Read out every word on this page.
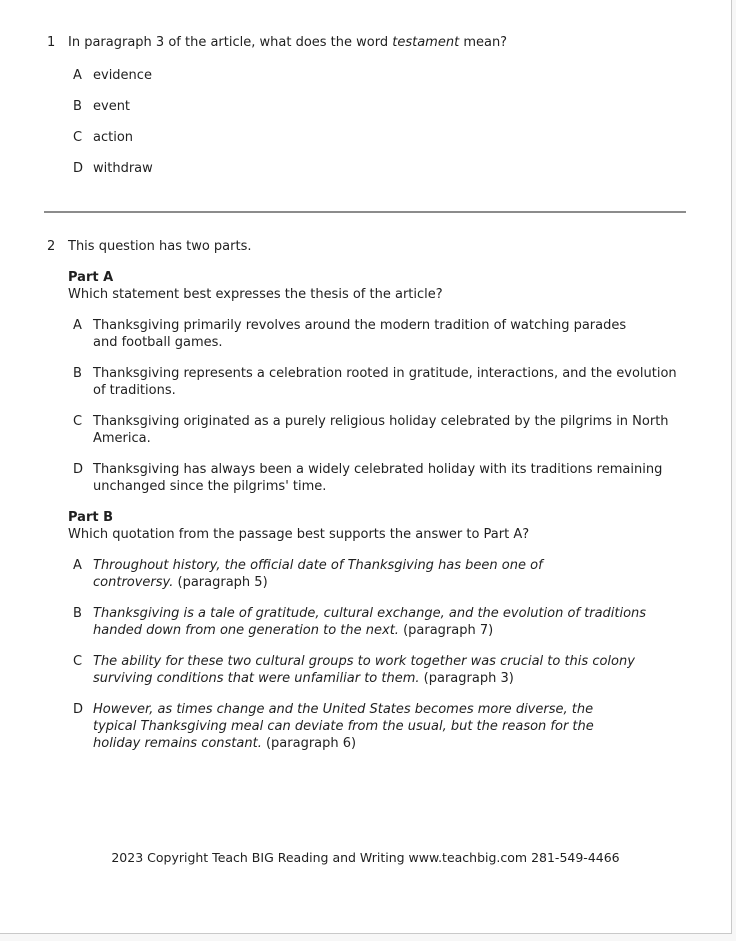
1 In paragraph 3 of the article, what does the word testament mean?
A evidence
B event
C action
D withdraw
2 This question has two parts.
Part A
Which statement best expresses the thesis of the article?
A Thanksgiving primarily revolves around the modern tradition of watching parades and football games.
B Thanksgiving represents a celebration rooted in gratitude, interactions, and the evolution of traditions.
C Thanksgiving originated as a purely religious holiday celebrated by the pilgrims in North America.
D Thanksgiving has always been a widely celebrated holiday with its traditions remaining unchanged since the pilgrims' time.
Part B
Which quotation from the passage best supports the answer to Part A?
A Throughout history, the official date of Thanksgiving has been one of controversy. (paragraph 5)
B Thanksgiving is a tale of gratitude, cultural exchange, and the evolution of traditions handed down from one generation to the next. (paragraph 7)
C The ability for these two cultural groups to work together was crucial to this colony surviving conditions that were unfamiliar to them. (paragraph 3)
D However, as times change and the United States becomes more diverse, the typical Thanksgiving meal can deviate from the usual, but the reason for the holiday remains constant. (paragraph 6)
2023 Copyright Teach BIG Reading and Writing www.teachbig.com 281-549-4466
